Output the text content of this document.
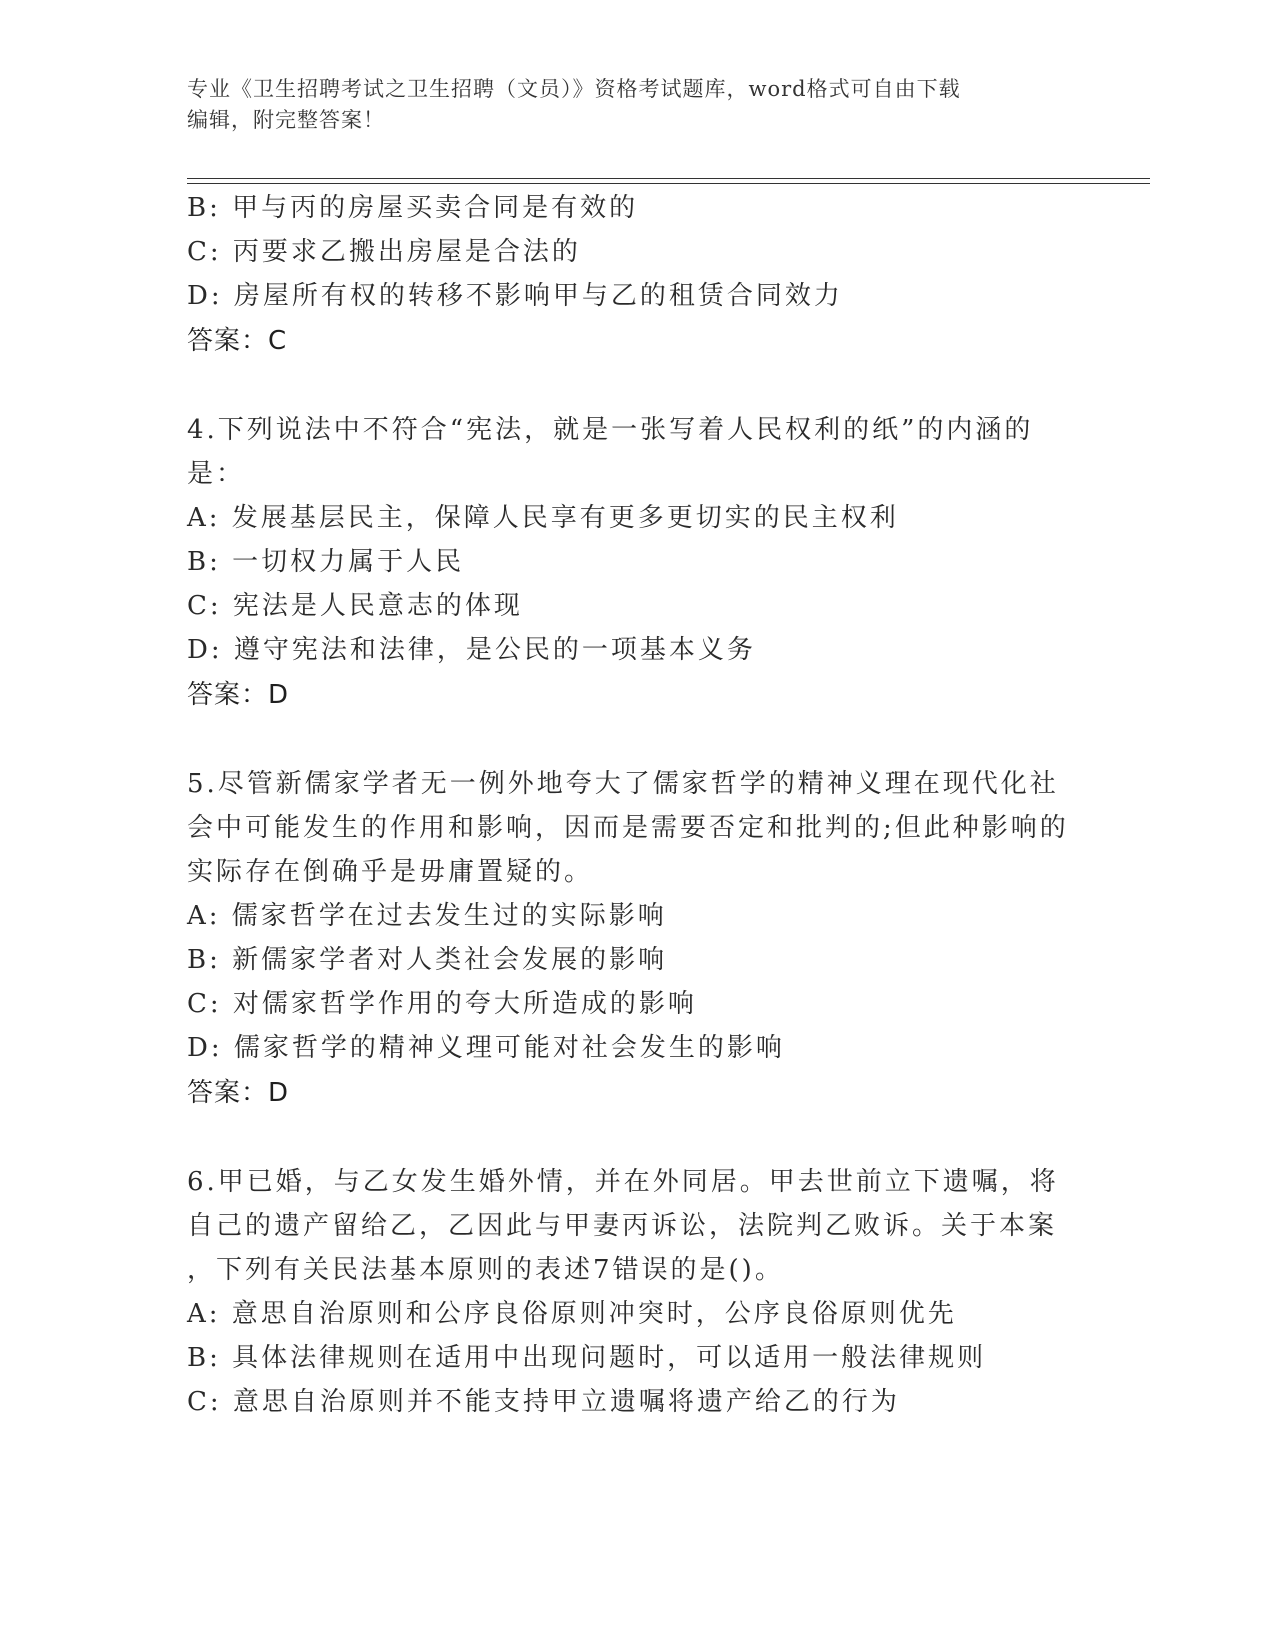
专业《卫生招聘考试之卫生招聘（文员）》资格考试题库，word格式可自由下载
编辑，附完整答案！
B: 甲与丙的房屋买卖合同是有效的
C: 丙要求乙搬出房屋是合法的
D: 房屋所有权的转移不影响甲与乙的租赁合同效力
答案：C
4.下列说法中不符合“宪法，就是一张写着人民权利的纸”的内涵的
是：
A: 发展基层民主，保障人民享有更多更切实的民主权利
B: 一切权力属于人民
C: 宪法是人民意志的体现
D: 遵守宪法和法律，是公民的一项基本义务
答案：D
5.尽管新儒家学者无一例外地夸大了儒家哲学的精神义理在现代化社
会中可能发生的作用和影响，因而是需要否定和批判的;但此种影响的
实际存在倒确乎是毋庸置疑的。
A: 儒家哲学在过去发生过的实际影响
B: 新儒家学者对人类社会发展的影响
C: 对儒家哲学作用的夸大所造成的影响
D: 儒家哲学的精神义理可能对社会发生的影响
答案：D
6.甲已婚，与乙女发生婚外情，并在外同居。甲去世前立下遗嘱，将
自己的遗产留给乙，乙因此与甲妻丙诉讼，法院判乙败诉。关于本案
，下列有关民法基本原则的表述7错误的是()。
A: 意思自治原则和公序良俗原则冲突时，公序良俗原则优先
B: 具体法律规则在适用中出现问题时，可以适用一般法律规则
C: 意思自治原则并不能支持甲立遗嘱将遗产给乙的行为
